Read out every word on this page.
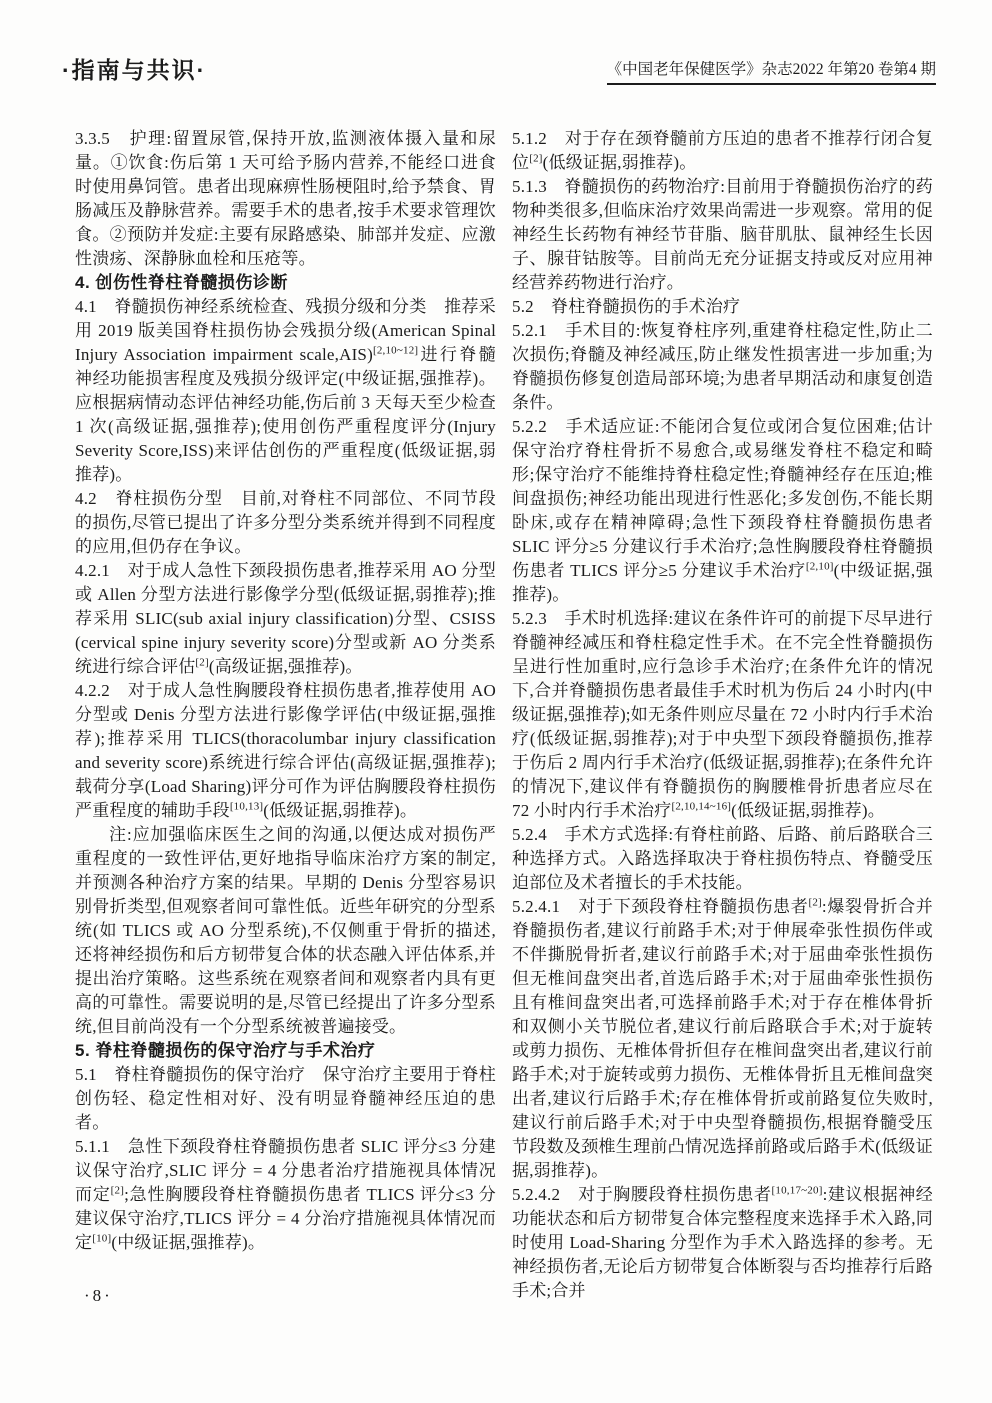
·指南与共识·	《中国老年保健医学》杂志2022 年第20 卷第4 期

3.3.5　护理:留置尿管,保持开放,监测液体摄入量和尿量。①饮食:伤后第 1 天可给予肠内营养,不能经口进食时使用鼻饲管。患者出现麻痹性肠梗阻时,给予禁食、胃肠减压及静脉营养。需要手术的患者,按手术要求管理饮食。②预防并发症:主要有尿路感染、肺部并发症、应激性溃疡、深静脉血栓和压疮等。

4. 创伤性脊柱脊髓损伤诊断

4.1　脊髓损伤神经系统检查、残损分级和分类　推荐采用 2019 版美国脊柱损伤协会残损分级(American Spinal Injury Association impairment scale,AIS)[2,10~12]进行脊髓神经功能损害程度及残损分级评定(中级证据,强推荐)。应根据病情动态评估神经功能,伤后前 3 天每天至少检查 1 次(高级证据,强推荐);使用创伤严重程度评分(Injury Severity Score,ISS)来评估创伤的严重程度(低级证据,弱推荐)。

4.2　脊柱损伤分型　目前,对脊柱不同部位、不同节段的损伤,尽管已提出了许多分型分类系统并得到不同程度的应用,但仍存在争议。

4.2.1　对于成人急性下颈段损伤患者,推荐采用 AO 分型或 Allen 分型方法进行影像学分型(低级证据,弱推荐);推荐采用 SLIC(sub axial injury classification)分型、CSISS (cervical spine injury severity score)分型或新 AO 分类系统进行综合评估[2](高级证据,强推荐)。

4.2.2　对于成人急性胸腰段脊柱损伤患者,推荐使用 AO 分型或 Denis 分型方法进行影像学评估(中级证据,强推荐);推荐采用 TLICS(thoracolumbar injury classification and severity score)系统进行综合评估(高级证据,强推荐);载荷分享(Load Sharing)评分可作为评估胸腰段脊柱损伤严重程度的辅助手段[10,13](低级证据,弱推荐)。

注:应加强临床医生之间的沟通,以便达成对损伤严重程度的一致性评估,更好地指导临床治疗方案的制定,并预测各种治疗方案的结果。早期的 Denis 分型容易识别骨折类型,但观察者间可靠性低。近些年研究的分型系统(如 TLICS 或 AO 分型系统),不仅侧重于骨折的描述,还将神经损伤和后方韧带复合体的状态融入评估体系,并提出治疗策略。这些系统在观察者间和观察者内具有更高的可靠性。需要说明的是,尽管已经提出了许多分型系统,但目前尚没有一个分型系统被普遍接受。

5. 脊柱脊髓损伤的保守治疗与手术治疗

5.1　脊柱脊髓损伤的保守治疗　保守治疗主要用于脊柱创伤轻、稳定性相对好、没有明显脊髓神经压迫的患者。

5.1.1　急性下颈段脊柱脊髓损伤患者 SLIC 评分≤3 分建议保守治疗,SLIC 评分 = 4 分患者治疗措施视具体情况而定[2];急性胸腰段脊柱脊髓损伤患者 TLICS 评分≤3 分建议保守治疗,TLICS 评分 = 4 分治疗措施视具体情况而定[10](中级证据,强推荐)。

5.1.2　对于存在颈脊髓前方压迫的患者不推荐行闭合复位[2](低级证据,弱推荐)。

5.1.3　脊髓损伤的药物治疗:目前用于脊髓损伤治疗的药物种类很多,但临床治疗效果尚需进一步观察。常用的促神经生长药物有神经节苷脂、脑苷肌肽、鼠神经生长因子、腺苷钴胺等。目前尚无充分证据支持或反对应用神经营养药物进行治疗。

5.2　脊柱脊髓损伤的手术治疗

5.2.1　手术目的:恢复脊柱序列,重建脊柱稳定性,防止二次损伤;脊髓及神经减压,防止继发性损害进一步加重;为脊髓损伤修复创造局部环境;为患者早期活动和康复创造条件。

5.2.2　手术适应证:不能闭合复位或闭合复位困难;估计保守治疗脊柱骨折不易愈合,或易继发脊柱不稳定和畸形;保守治疗不能维持脊柱稳定性;脊髓神经存在压迫;椎间盘损伤;神经功能出现进行性恶化;多发创伤,不能长期卧床,或存在精神障碍;急性下颈段脊柱脊髓损伤患者 SLIC 评分≥5 分建议行手术治疗;急性胸腰段脊柱脊髓损伤患者 TLICS 评分≥5 分建议手术治疗[2,10](中级证据,强推荐)。

5.2.3　手术时机选择:建议在条件许可的前提下尽早进行脊髓神经减压和脊柱稳定性手术。在不完全性脊髓损伤呈进行性加重时,应行急诊手术治疗;在条件允许的情况下,合并脊髓损伤患者最佳手术时机为伤后 24 小时内(中级证据,强推荐);如无条件则应尽量在 72 小时内行手术治疗(低级证据,弱推荐);对于中央型下颈段脊髓损伤,推荐于伤后 2 周内行手术治疗(低级证据,弱推荐);在条件允许的情况下,建议伴有脊髓损伤的胸腰椎骨折患者应尽在 72 小时内行手术治疗[2,10,14~16](低级证据,弱推荐)。

5.2.4　手术方式选择:有脊柱前路、后路、前后路联合三种选择方式。入路选择取决于脊柱损伤特点、脊髓受压迫部位及术者擅长的手术技能。

5.2.4.1　对于下颈段脊柱脊髓损伤患者[2]:爆裂骨折合并脊髓损伤者,建议行前路手术;对于伸展牵张性损伤伴或不伴撕脱骨折者,建议行前路手术;对于屈曲牵张性损伤但无椎间盘突出者,首选后路手术;对于屈曲牵张性损伤且有椎间盘突出者,可选择前路手术;对于存在椎体骨折和双侧小关节脱位者,建议行前后路联合手术;对于旋转或剪力损伤、无椎体骨折但存在椎间盘突出者,建议行前路手术;对于旋转或剪力损伤、无椎体骨折且无椎间盘突出者,建议行后路手术;存在椎体骨折或前路复位失败时,建议行前后路手术;对于中央型脊髓损伤,根据脊髓受压节段数及颈椎生理前凸情况选择前路或后路手术(低级证据,弱推荐)。

5.2.4.2　对于胸腰段脊柱损伤患者[10,17~20]:建议根据神经功能状态和后方韧带复合体完整程度来选择手术入路,同时使用 Load-Sharing 分型作为手术入路选择的参考。无神经损伤者,无论后方韧带复合体断裂与否均推荐行后路手术;合并

·8·
